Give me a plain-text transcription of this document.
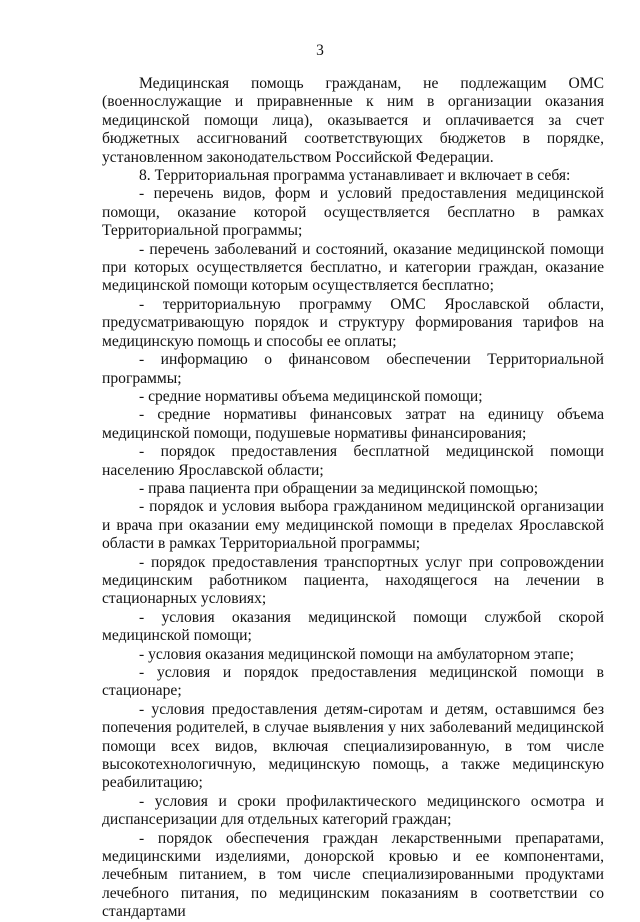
3

Медицинская помощь гражданам, не подлежащим ОМС (военнослужащие и приравненные к ним в организации оказания медицинской помощи лица), оказывается и оплачивается за счет бюджетных ассигнований соответствующих бюджетов в порядке, установленном законодательством Российской Федерации.

8. Территориальная программа устанавливает и включает в себя:

- перечень видов, форм и условий предоставления медицинской помощи, оказание которой осуществляется бесплатно в рамках Территориальной программы;

- перечень заболеваний и состояний, оказание медицинской помощи при которых осуществляется бесплатно, и категории граждан, оказание медицинской помощи которым осуществляется бесплатно;

- территориальную программу ОМС Ярославской области, предусматривающую порядок и структуру формирования тарифов на медицинскую помощь и способы ее оплаты;

- информацию о финансовом обеспечении Территориальной программы;

- средние нормативы объема медицинской помощи;

- средние нормативы финансовых затрат на единицу объема медицинской помощи, подушевые нормативы финансирования;

- порядок предоставления бесплатной медицинской помощи населению Ярославской области;

- права пациента при обращении за медицинской помощью;

- порядок и условия выбора гражданином медицинской организации и врача при оказании ему медицинской помощи в пределах Ярославской области в рамках Территориальной программы;

- порядок предоставления транспортных услуг при сопровождении медицинским работником пациента, находящегося на лечении в стационарных условиях;

- условия оказания медицинской помощи службой скорой медицинской помощи;

- условия оказания медицинской помощи на амбулаторном этапе;

- условия и порядок предоставления медицинской помощи в стационаре;

- условия предоставления детям-сиротам и детям, оставшимся без попечения родителей, в случае выявления у них заболеваний медицинской помощи всех видов, включая специализированную, в том числе высокотехнологичную, медицинскую помощь, а также медицинскую реабилитацию;

- условия и сроки профилактического медицинского осмотра и диспансеризации для отдельных категорий граждан;

- порядок обеспечения граждан лекарственными препаратами, медицинскими изделиями, донорской кровью и ее компонентами, лечебным питанием, в том числе специализированными продуктами лечебного питания, по медицинским показаниям в соответствии со стандартами
